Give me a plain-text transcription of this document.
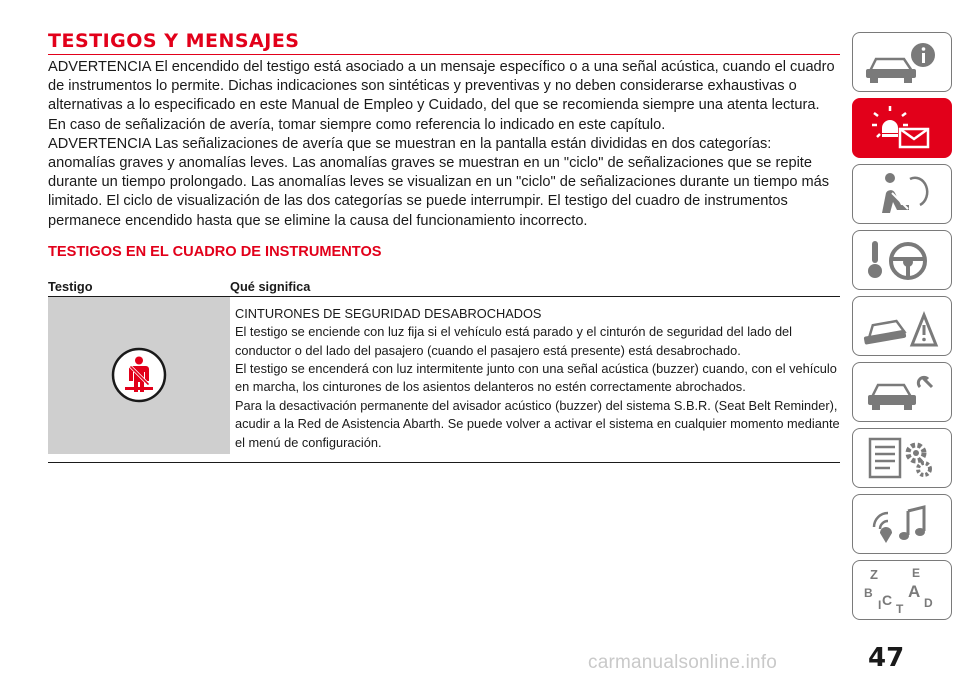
TESTIGOS Y MENSAJES

ADVERTENCIA El encendido del testigo está asociado a un mensaje específico o a una señal acústica, cuando el cuadro de instrumentos lo permite. Dichas indicaciones son sintéticas y preventivas y no deben considerarse exhaustivas o alternativas a lo especificado en este Manual de Empleo y Cuidado, del que se recomienda siempre una atenta lectura. En caso de señalización de avería, tomar siempre como referencia lo indicado en este capítulo.

ADVERTENCIA Las señalizaciones de avería que se muestran en la pantalla están divididas en dos categorías: anomalías graves y anomalías leves. Las anomalías graves se muestran en un "ciclo" de señalizaciones que se repite durante un tiempo prolongado. Las anomalías leves se visualizan en un "ciclo" de señalizaciones durante un tiempo más limitado. El ciclo de visualización de las dos categorías se puede interrumpir. El testigo del cuadro de instrumentos permanece encendido hasta que se elimine la causa del funcionamiento incorrecto.

TESTIGOS EN EL CUADRO DE INSTRUMENTOS
Testigo	Qué significa

CINTURONES DE SEGURIDAD DESABROCHADOS

El testigo se enciende con luz fija si el vehículo está parado y el cinturón de seguridad del lado del conductor o del lado del pasajero (cuando el pasajero está presente) está desabrochado.

El testigo se encenderá con luz intermitente junto con una señal acústica (buzzer) cuando, con el vehículo en marcha, los cinturones de los asientos delanteros no estén correctamente abrochados.

Para la desactivación permanente del avisador acústico (buzzer) del sistema S.B.R. (Seat Belt Reminder), acudir a la Red de Asistencia Abarth. Se puede volver a activar el sistema en cualquier momento mediante el menú de configuración.

Z	E
B A
C	D
T
I
47
carmanualsonline.info
